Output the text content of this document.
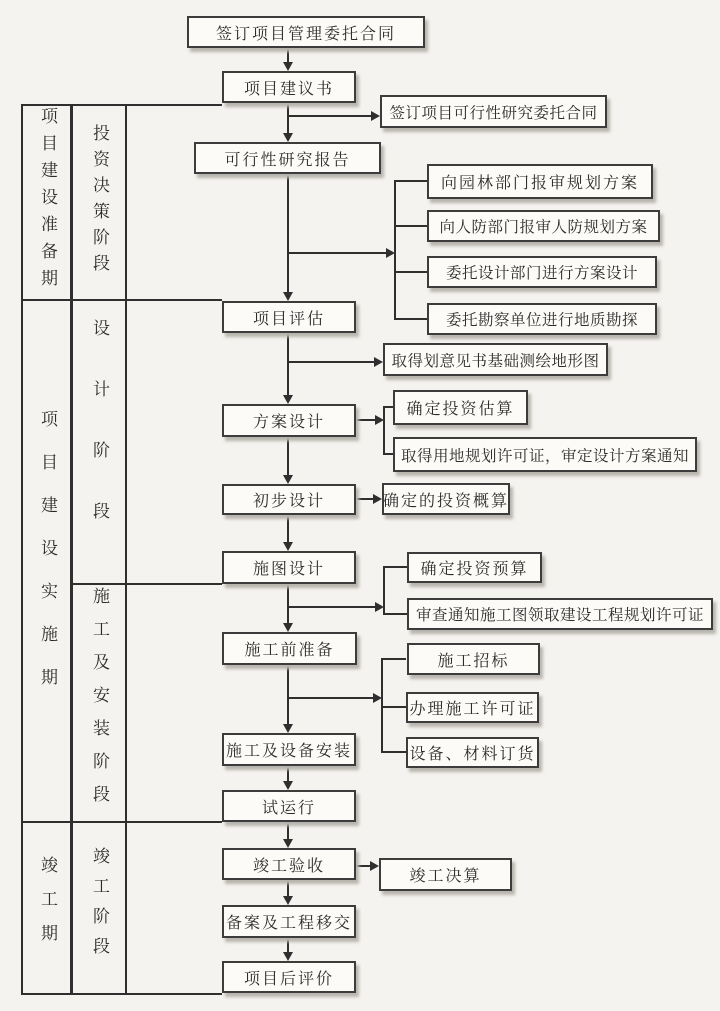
项目建设准备期
项目建设实施期
竣工期
投资决策阶段
设计阶段
施工及安装阶段
竣工阶段
签订项目管理委托合同
项目建议书
可行性研究报告
项目评估
方案设计
初步设计
施图设计
施工前准备
施工及设备安装
试运行
竣工验收
备案及工程移交
项目后评价
签订项目可行性研究委托合同
向园林部门报审规划方案
向人防部门报审人防规划方案
委托设计部门进行方案设计
委托勘察单位进行地质勘探
取得划意见书基础测绘地形图
确定投资估算
取得用地规划许可证，审定设计方案通知
确定的投资概算
确定投资预算
审查通知施工图领取建设工程规划许可证
施工招标
办理施工许可证
设备、材料订货
竣工决算
